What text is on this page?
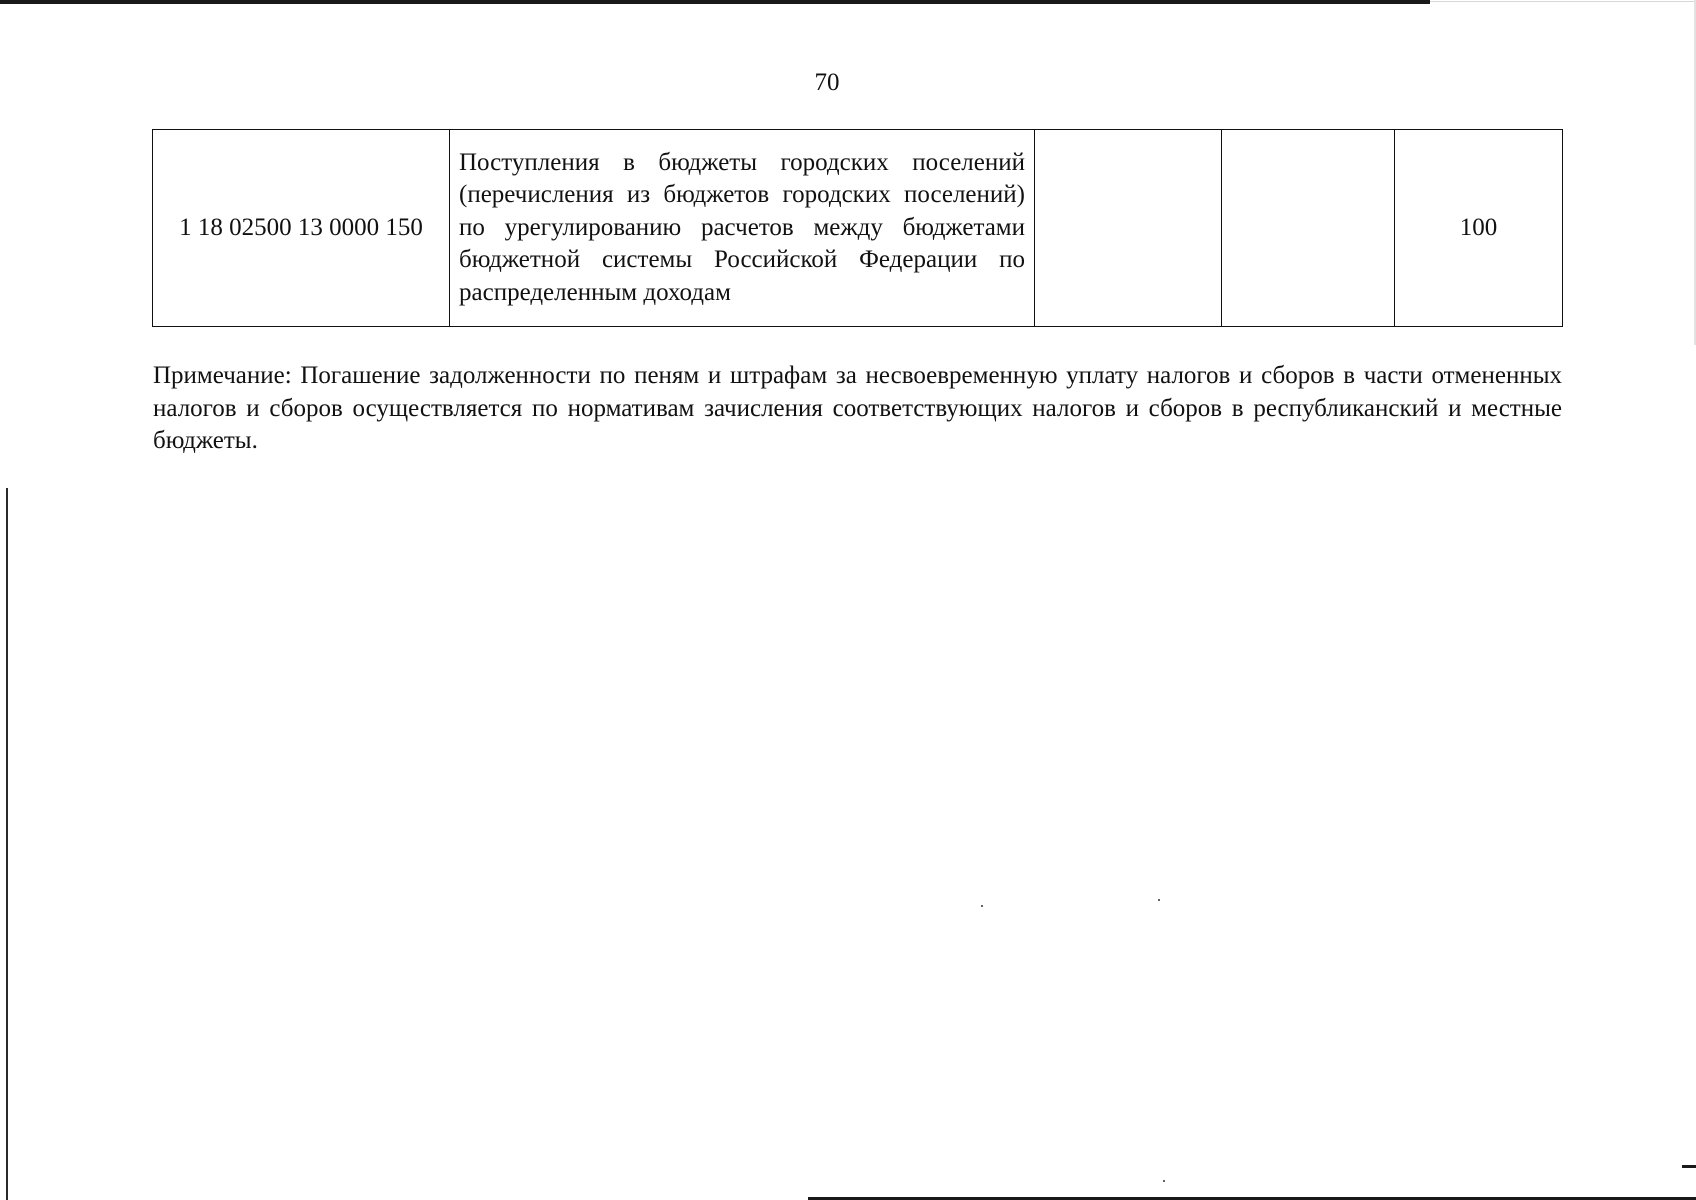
70
1 18 02500 13 0000 150	Поступления в бюджеты городских поселений (перечисления из бюджетов городских поселений) по урегулированию расчетов между бюджетами бюджетной системы Российской Федерации по распределенным доходам			100

Примечание: Погашение задолженности по пеням и штрафам за несвоевременную уплату налогов и сборов в части отмененных налогов и сборов осуществляется по нормативам зачисления соответствующих налогов и сборов в республиканский и местные бюджеты.
